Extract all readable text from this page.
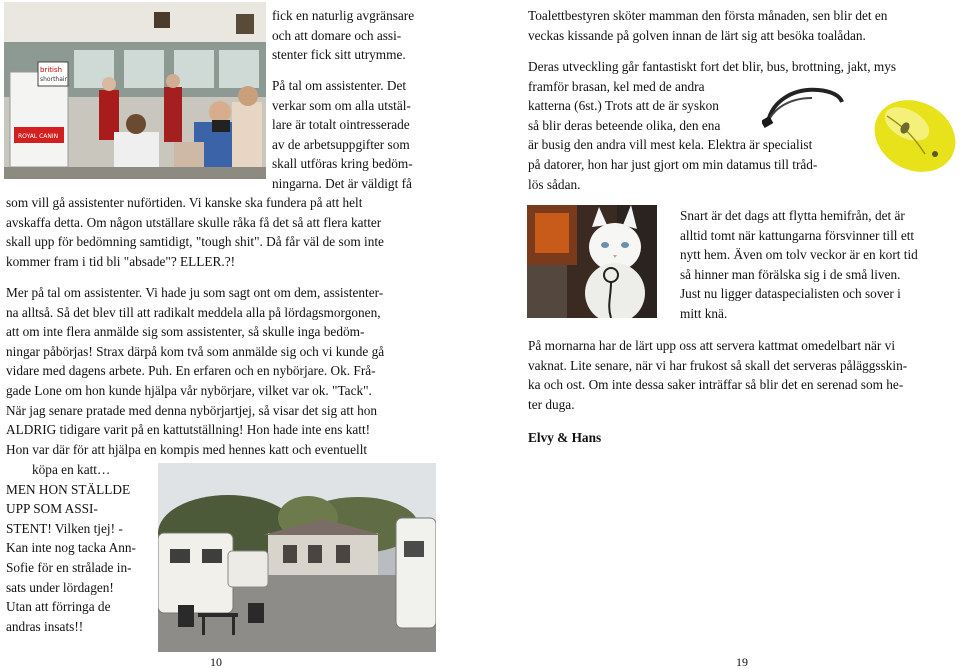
british
shorthair
ROYAL CANIN
fick en naturlig avgränsare
och att domare och assi-
stenter fick sitt utrymme.
På tal om assistenter. Det
verkar som om alla utstäl-
lare är totalt ointresserade
av de arbetsuppgifter som
skall utföras kring bedöm-
ningarna. Det är väldigt få
som vill gå assistenter nuförtiden. Vi kanske ska fundera på att helt
avskaffa detta. Om någon utställare skulle råka få det så att flera katter
skall upp för bedömning samtidigt, "tough shit". Då får väl de som inte
kommer fram i tid bli "absade"? ELLER.?!
Mer på tal om assistenter. Vi hade ju som sagt ont om dem, assistenter-
na alltså. Så det blev till att radikalt meddela alla på lördagsmorgonen,
att om inte flera anmälde sig som assistenter, så skulle inga bedöm-
ningar påbörjas! Strax därpå kom två som anmälde sig och vi kunde gå
vidare med dagens arbete. Puh. En erfaren och en nybörjare. Ok. Frå-
gade Lone om hon kunde hjälpa vår nybörjare, vilket var ok. "Tack".
När jag senare pratade med denna nybörjartjej, så visar det sig att hon
ALDRIG tidigare varit på en kattutställning! Hon hade inte ens katt!
Hon var där för att hjälpa en kompis med hennes katt och eventuellt
köpa en katt…
MEN HON STÄLLDE
UPP SOM ASSI-
STENT! Vilken tjej! -
Kan inte nog tacka Ann-
Sofie för en strålade in-
sats under lördagen!
Utan att förringa de
andras insats!!
10
Toalettbestyren sköter mamman den första månaden, sen blir det en
veckas kissande på golven innan de lärt sig att besöka toalådan.
Deras utveckling går fantastiskt fort det blir, bus, brottning, jakt, mys
framför brasan, kel med de andra
katterna (6st.) Trots att de är syskon
så blir deras beteende olika, den ena
är busig den andra vill mest kela. Elektra är specialist
på datorer, hon har just gjort om min datamus till tråd-
lös sådan.
Snart är det dags att flytta hemifrån, det är
alltid tomt när kattungarna försvinner till ett
nytt hem. Även om tolv veckor är en kort tid
så hinner man förälska sig i de små liven.
Just nu ligger dataspecialisten och sover i
mitt knä.
På mornarna har de lärt upp oss att servera kattmat omedelbart när vi
vaknat. Lite senare, när vi har frukost så skall det serveras påläggsskin-
ka och ost. Om inte dessa saker inträffar så blir det en serenad som he-
ter duga.
Elvy & Hans
19
